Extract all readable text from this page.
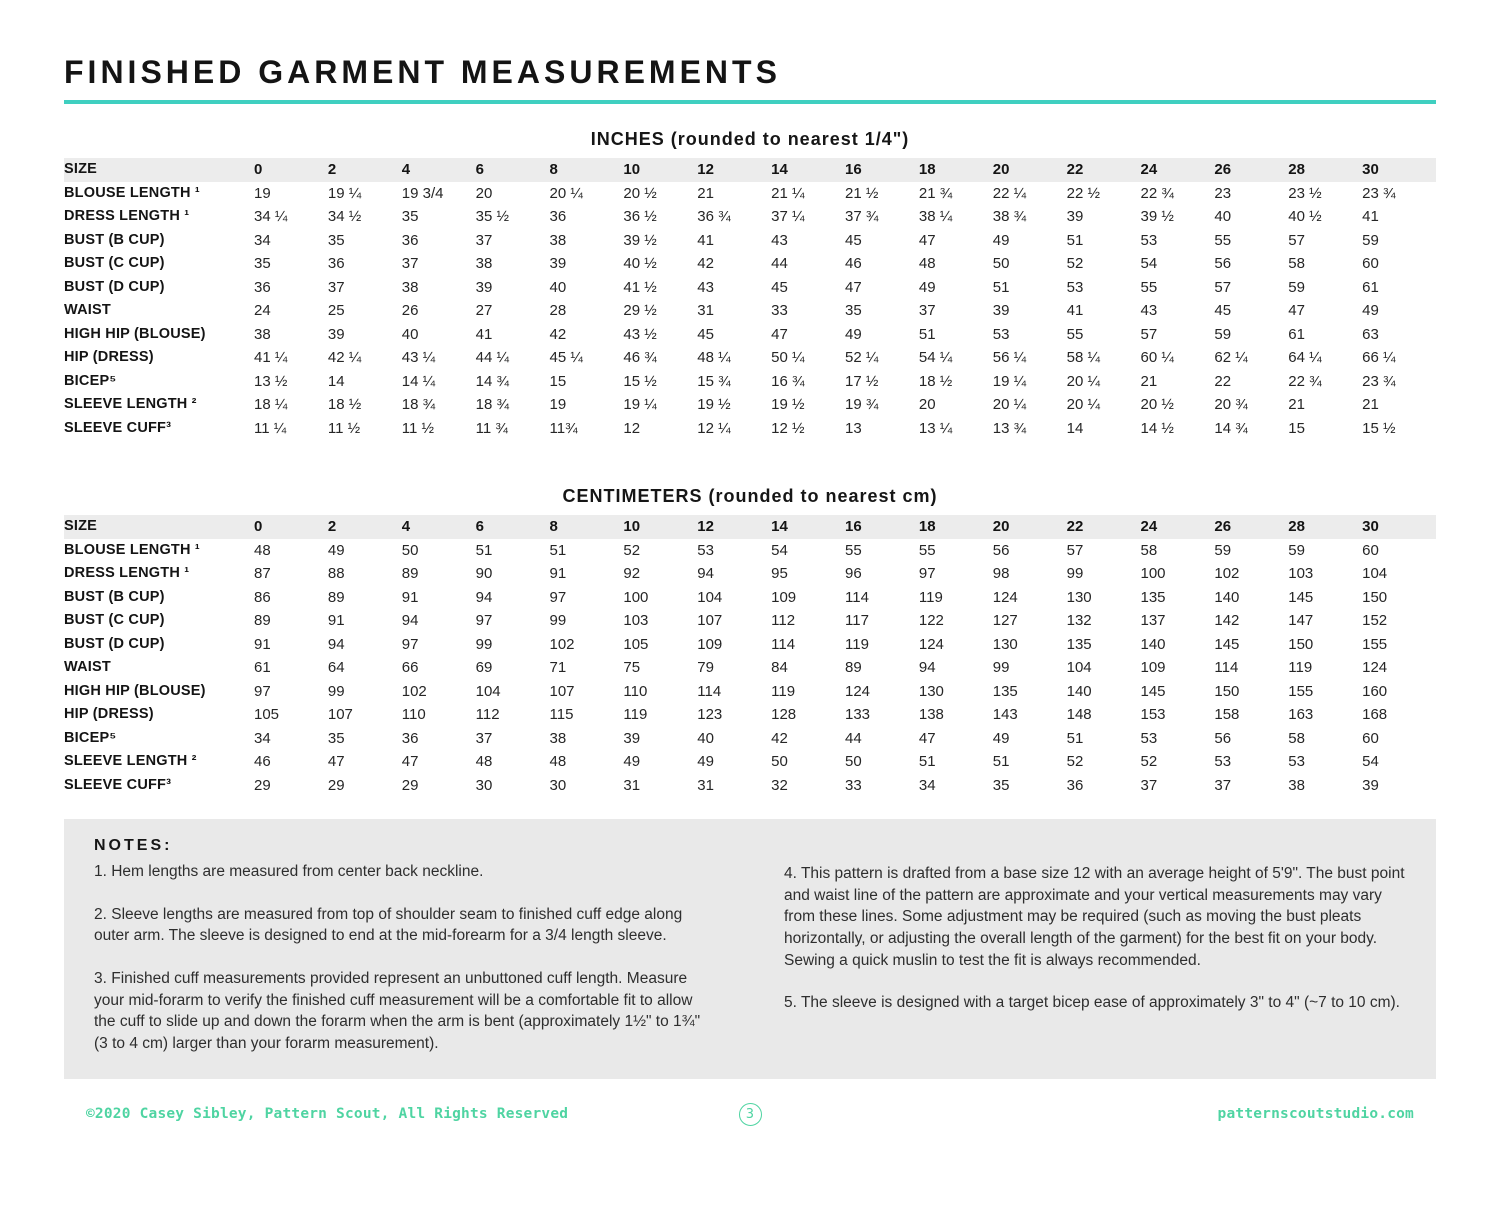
FINISHED GARMENT MEASUREMENTS
INCHES (rounded to nearest 1/4")
SIZE	0	2	4	6	8	10	12	14	16	18	20	22	24	26	28	30
BLOUSE LENGTH ¹	19	19 ¼	19 3/4	20	20 ¼	20 ½	21	21 ¼	21 ½	21 ¾	22 ¼	22 ½	22 ¾	23	23 ½	23 ¾
DRESS LENGTH ¹	34 ¼	34 ½	35	35 ½	36	36 ½	36 ¾	37 ¼	37 ¾	38 ¼	38 ¾	39	39 ½	40	40 ½	41
BUST (B CUP)	34	35	36	37	38	39 ½	41	43	45	47	49	51	53	55	57	59
BUST (C CUP)	35	36	37	38	39	40 ½	42	44	46	48	50	52	54	56	58	60
BUST (D CUP)	36	37	38	39	40	41 ½	43	45	47	49	51	53	55	57	59	61
WAIST	24	25	26	27	28	29 ½	31	33	35	37	39	41	43	45	47	49
HIGH HIP (BLOUSE)	38	39	40	41	42	43 ½	45	47	49	51	53	55	57	59	61	63
HIP (DRESS)	41 ¼	42 ¼	43 ¼	44 ¼	45 ¼	46 ¾	48 ¼	50 ¼	52 ¼	54 ¼	56 ¼	58 ¼	60 ¼	62 ¼	64 ¼	66 ¼
BICEP⁵	13 ½	14	14 ¼	14 ¾	15	15 ½	15 ¾	16 ¾	17 ½	18 ½	19 ¼	20 ¼	21	22	22 ¾	23 ¾
SLEEVE LENGTH ²	18 ¼	18 ½	18 ¾	18 ¾	19	19 ¼	19 ½	19 ½	19 ¾	20	20 ¼	20 ¼	20 ½	20 ¾	21	21
SLEEVE CUFF³	11 ¼	11 ½	11 ½	11 ¾	11¾	12	12 ¼	12 ½	13	13 ¼	13 ¾	14	14 ½	14 ¾	15	15 ½
CENTIMETERS (rounded to nearest cm)
SIZE	0	2	4	6	8	10	12	14	16	18	20	22	24	26	28	30
BLOUSE LENGTH ¹	48	49	50	51	51	52	53	54	55	55	56	57	58	59	59	60
DRESS LENGTH ¹	87	88	89	90	91	92	94	95	96	97	98	99	100	102	103	104
BUST (B CUP)	86	89	91	94	97	100	104	109	114	119	124	130	135	140	145	150
BUST (C CUP)	89	91	94	97	99	103	107	112	117	122	127	132	137	142	147	152
BUST (D CUP)	91	94	97	99	102	105	109	114	119	124	130	135	140	145	150	155
WAIST	61	64	66	69	71	75	79	84	89	94	99	104	109	114	119	124
HIGH HIP (BLOUSE)	97	99	102	104	107	110	114	119	124	130	135	140	145	150	155	160
HIP (DRESS)	105	107	110	112	115	119	123	128	133	138	143	148	153	158	163	168
BICEP⁵	34	35	36	37	38	39	40	42	44	47	49	51	53	56	58	60
SLEEVE LENGTH ²	46	47	47	48	48	49	49	50	50	51	51	52	52	53	53	54
SLEEVE CUFF³	29	29	29	30	30	31	31	32	33	34	35	36	37	37	38	39
NOTES:

1. Hem lengths are measured from center back neckline.

2. Sleeve lengths are measured from top of shoulder seam to finished cuff edge along outer arm. The sleeve is designed to end at the mid-forearm for a 3/4 length sleeve.

3. Finished cuff measurements provided represent an unbuttoned cuff length. Measure your mid-forarm to verify the finished cuff measurement will be a comfortable fit to allow the cuff to slide up and down the forarm when the arm is bent (approximately 1½" to 1¾" (3 to 4 cm) larger than your forarm measurement).

4. This pattern is drafted from a base size 12 with an average height of 5'9". The bust point and waist line of the pattern are approximate and your vertical measurements may vary from these lines. Some adjustment may be required (such as moving the bust pleats horizontally, or adjusting the overall length of the garment) for the best fit on your body. Sewing a quick muslin to test the fit is always recommended.

5. The sleeve is designed with a target bicep ease of approximately 3" to 4" (~7 to 10 cm).

©2020 Casey Sibley, Pattern Scout, All Rights Reserved	3	patternscoutstudio.com
